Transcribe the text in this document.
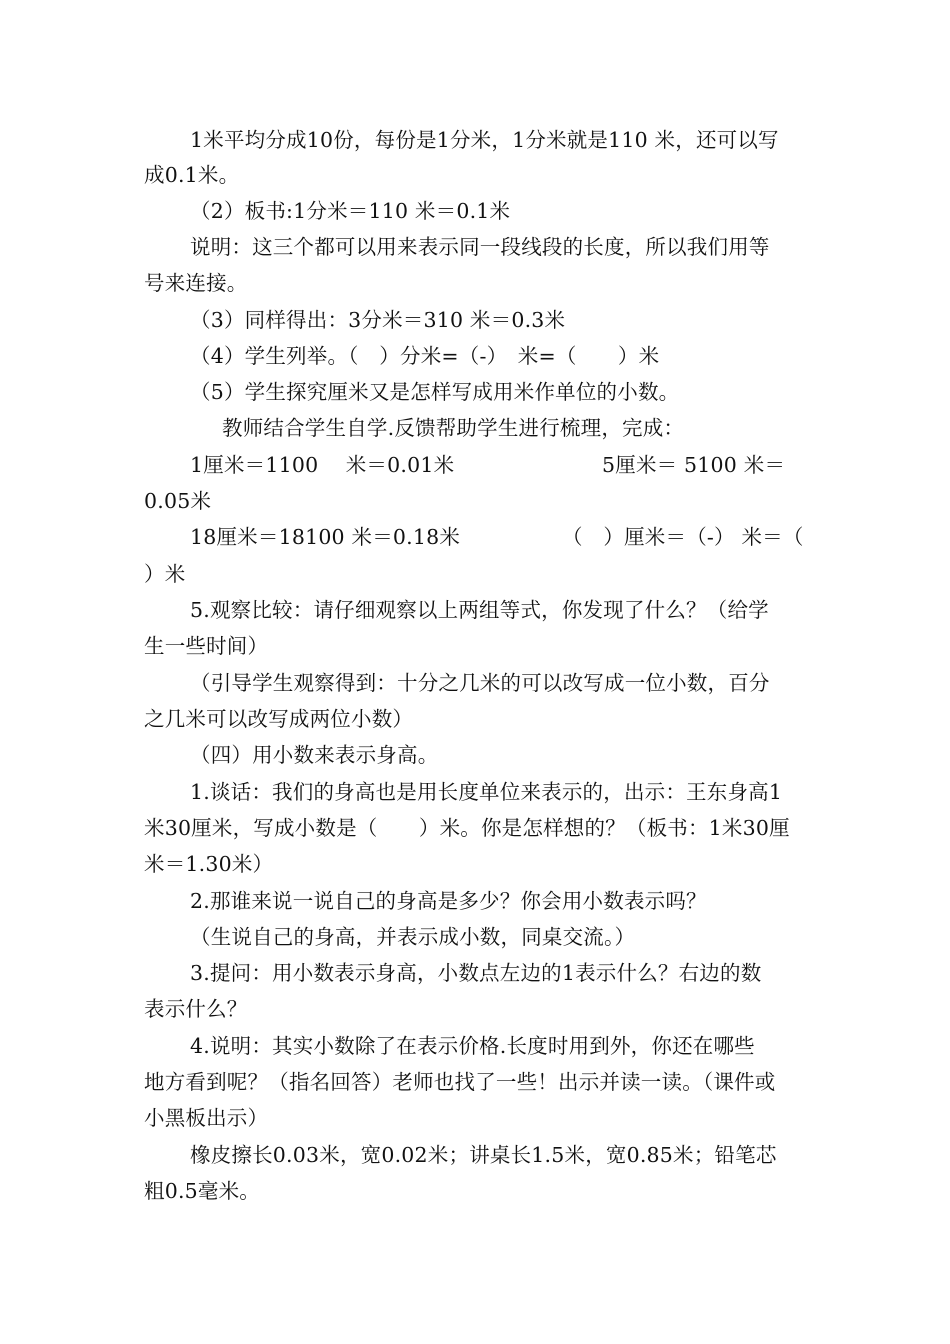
1米平均分成10份，每份是1分米，1分米就是110 米，还可以写
成0.1米。
（2）板书:1分米＝110 米＝0.1米
说明：这三个都可以用来表示同一段线段的长度，所以我们用等
号来连接。
（3）同样得出：3分米＝310 米＝0.3米
（4）学生列举。（　）分米=（-）　米=（　　）米
（5）学生探究厘米又是怎样写成用米作单位的小数。
教师结合学生自学.反馈帮助学生进行梳理，完成：
1厘米＝1100　 米＝0.01米	5厘米＝ 5100 米＝
0.05米
18厘米＝18100 米＝0.18米	（　）厘米＝（-） 米＝（
）米
5.观察比较：请仔细观察以上两组等式，你发现了什么？（给学
生一些时间）
（引导学生观察得到：十分之几米的可以改写成一位小数，百分
之几米可以改写成两位小数）
（四）用小数来表示身高。
1.谈话：我们的身高也是用长度单位来表示的，出示：王东身高1
米30厘米，写成小数是（　　）米。你是怎样想的？（板书：1米30厘
米＝1.30米）
2.那谁来说一说自己的身高是多少？你会用小数表示吗？
（生说自己的身高，并表示成小数，同桌交流。）
3.提问：用小数表示身高，小数点左边的1表示什么？右边的数
表示什么？
4.说明：其实小数除了在表示价格.长度时用到外，你还在哪些
地方看到呢？（指名回答）老师也找了一些！出示并读一读。（课件或
小黑板出示）
橡皮擦长0.03米，宽0.02米；讲桌长1.5米，宽0.85米；铅笔芯
粗0.5毫米。
